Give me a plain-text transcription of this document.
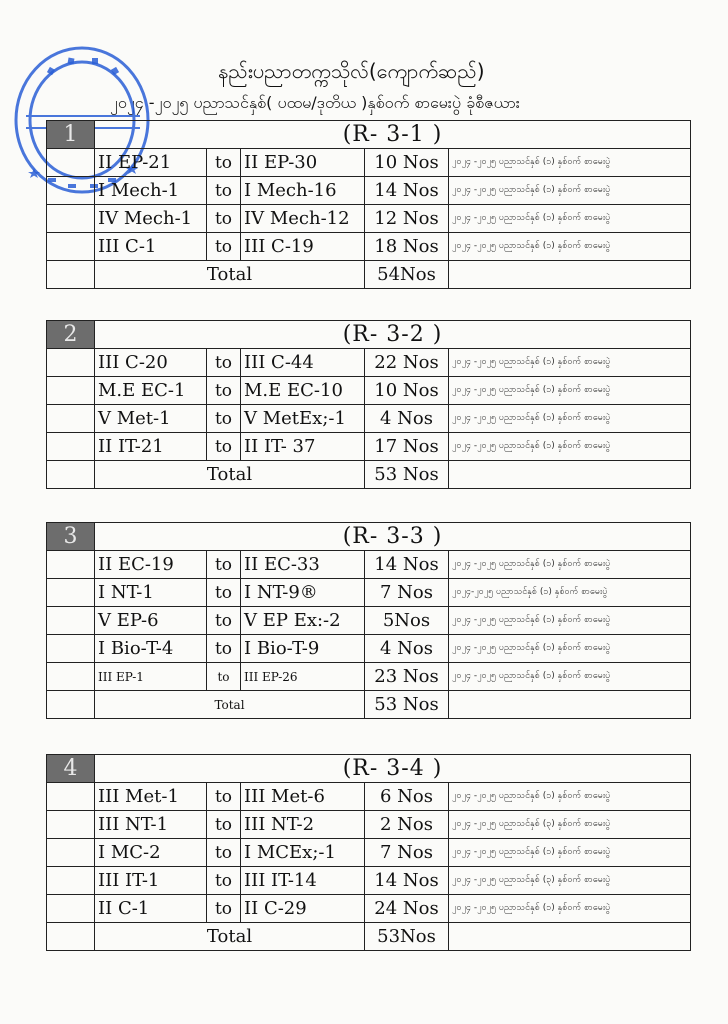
နည်းပညာတက္ကသိုလ်(ကျောက်ဆည်)
၂၀၂၄ -၂၀၂၅ ပညာသင်နှစ်( ပထမ/ဒုတိယ )နှစ်ဝက် စာမေးပွဲ ခုံစီဇယား
1	(R- 3-1 )				
	II EP-21	to	II EP-30	10 Nos	၂၀၂၄ -၂၀၂၅ ပညာသင်နှစ် (၁) နှစ်ဝက် စာမေးပွဲ
	I Mech-1	to	I Mech-16	14 Nos	၂၀၂၄ -၂၀၂၅ ပညာသင်နှစ် (၁) နှစ်ဝက် စာမေးပွဲ
	IV Mech-1	to	IV Mech-12	12 Nos	၂၀၂၄ -၂၀၂၅ ပညာသင်နှစ် (၁) နှစ်ဝက် စာမေးပွဲ
	III C-1	to	III C-19	18 Nos	၂၀၂၄ -၂၀၂၅ ပညာသင်နှစ် (၁) နှစ်ဝက် စာမေးပွဲ
	Total			54Nos	
2	(R- 3-2 )				
	III C-20	to	III C-44	22 Nos	၂၀၂၄ -၂၀၂၅ ပညာသင်နှစ် (၁) နှစ်ဝက် စာမေးပွဲ
	M.E EC-1	to	M.E EC-10	10 Nos	၂၀၂၄ -၂၀၂၅ ပညာသင်နှစ် (၁) နှစ်ဝက် စာမေးပွဲ
	V Met-1	to	V MetEx;-1	4 Nos	၂၀၂၄ -၂၀၂၅ ပညာသင်နှစ် (၁) နှစ်ဝက် စာမေးပွဲ
	II IT-21	to	II IT- 37	17 Nos	၂၀၂၄ -၂၀၂၅ ပညာသင်နှစ် (၁) နှစ်ဝက် စာမေးပွဲ
	Total			53 Nos	
3	(R- 3-3 )				
	II EC-19	to	II EC-33	14 Nos	၂၀၂၄ -၂၀၂၅ ပညာသင်နှစ် (၁) နှစ်ဝက် စာမေးပွဲ
	I NT-1	to	I NT-9®	7 Nos	၂၀၂၄-၂၀၂၅ ပညာသင်နှစ် (၁) နှစ်ဝက် စာမေးပွဲ
	V EP-6	to	V EP Ex:-2	5Nos	၂၀၂၄ -၂၀၂၅ ပညာသင်နှစ် (၁) နှစ်ဝက် စာမေးပွဲ
	I Bio-T-4	to	I Bio-T-9	4 Nos	၂၀၂၄ -၂၀၂၅ ပညာသင်နှစ် (၁) နှစ်ဝက် စာမေးပွဲ
	III EP-1	to	III EP-26	23 Nos	၂၀၂၄ -၂၀၂၅ ပညာသင်နှစ် (၁) နှစ်ဝက် စာမေးပွဲ
	Total			53 Nos	
4	(R- 3-4 )				
	III Met-1	to	III Met-6	6 Nos	၂၀၂၄ -၂၀၂၅ ပညာသင်နှစ် (၁) နှစ်ဝက် စာမေးပွဲ
	III NT-1	to	III NT-2	2 Nos	၂၀၂၄ -၂၀၂၅ ပညာသင်နှစ် (၃) နှစ်ဝက် စာမေးပွဲ
	I MC-2	to	I MCEx;-1	7 Nos	၂၀၂၄ -၂၀၂၅ ပညာသင်နှစ် (၁) နှစ်ဝက် စာမေးပွဲ
	III IT-1	to	III IT-14	14 Nos	၂၀၂၄ -၂၀၂၅ ပညာသင်နှစ် (၃) နှစ်ဝက် စာမေးပွဲ
	II C-1	to	II C-29	24 Nos	၂၀၂၄ -၂၀၂၅ ပညာသင်နှစ် (၁) နှစ်ဝက် စာမေးပွဲ
	Total			53Nos	
